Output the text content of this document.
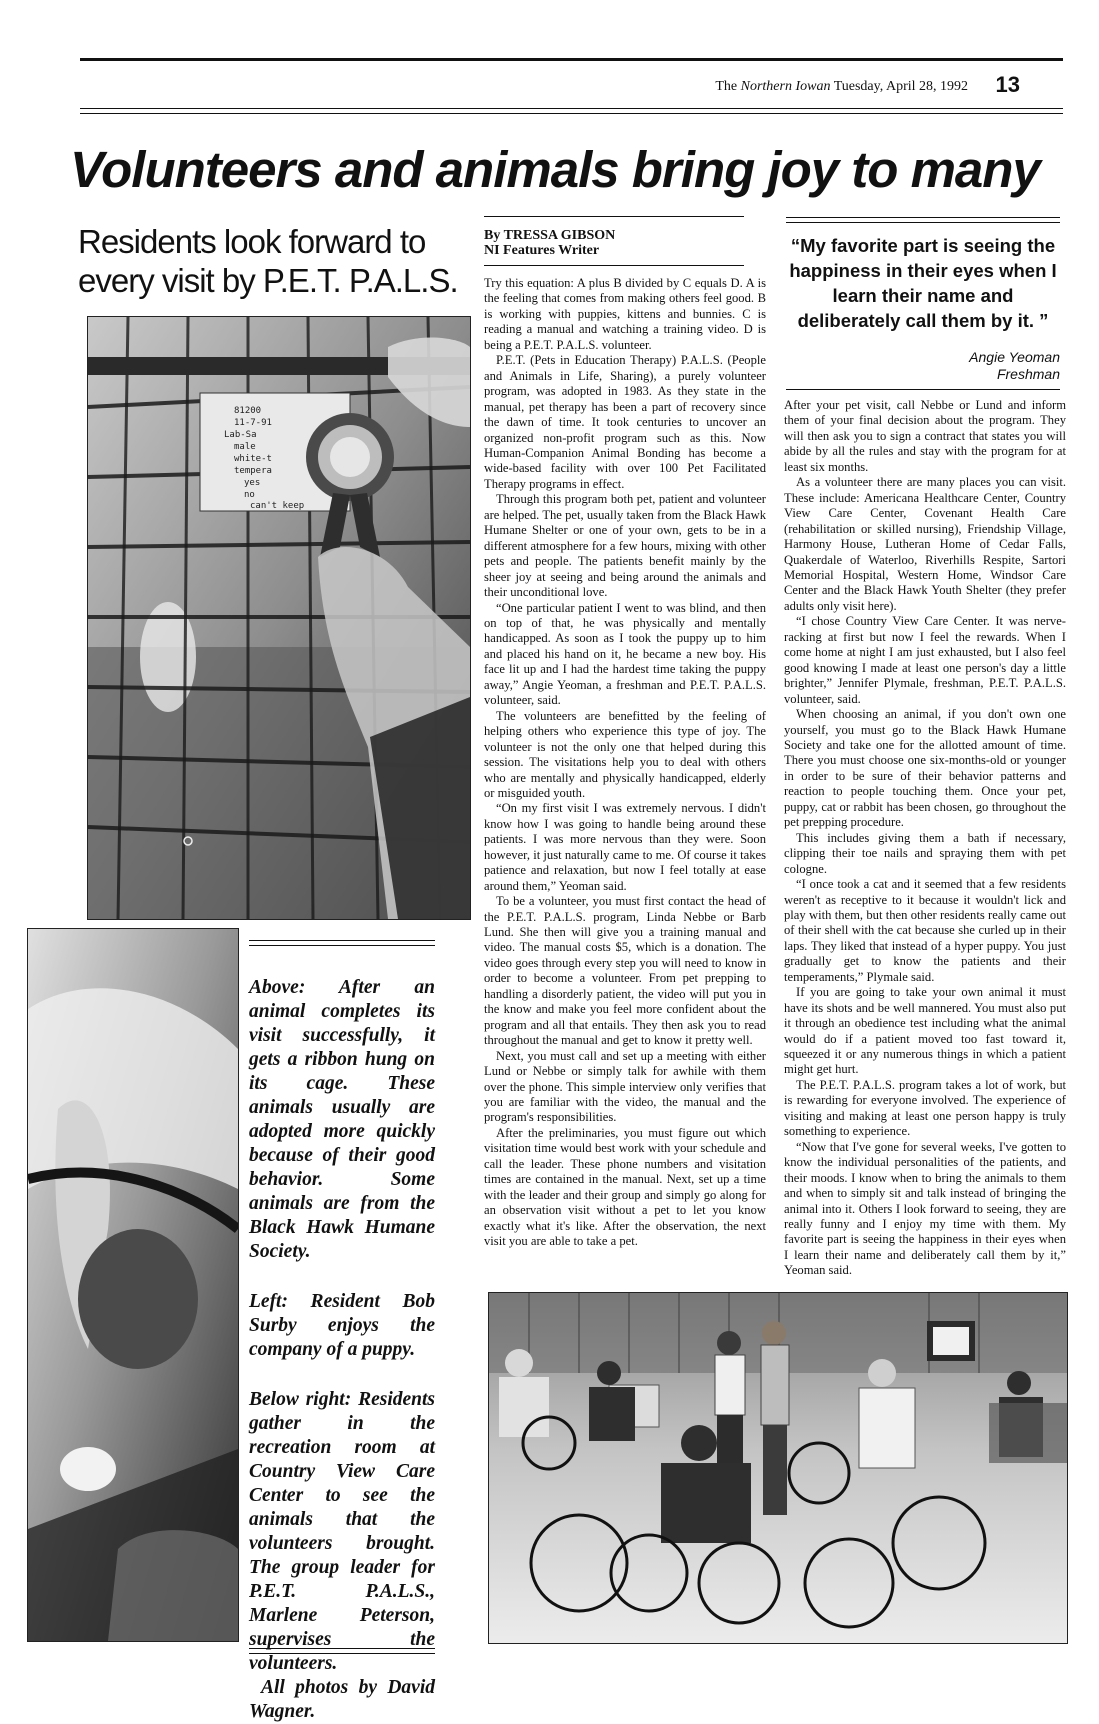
The Northern Iowan Tuesday, April 28, 1992 13
Volunteers and animals bring joy to many
Residents look forward to every visit by P.E.T. P.A.L.S.
81200
11-7-91
Lab-Sa
male
white-t
tempera
yes
no
can't keep

Above: After an animal completes its visit successfully, it gets a ribbon hung on its cage. These animals usually are adopted more quickly because of their good behavior. Some animals are from the Black Hawk Humane Society.

Left: Resident Bob Surby enjoys the company of a puppy.

Below right: Residents gather in the recreation room at Country View Care Center to see the animals that the volunteers brought. The group leader for P.E.T. P.A.L.S., Marlene Peterson, supervises the volunteers.

All photos by David Wagner.

By TRESSA GIBSON
NI Features Writer	“My favorite part is seeing the happiness in their eyes when I learn their name and deliberately call them by it. ”
Angie Yeoman
Freshman

Try this equation: A plus B divided by C equals D. A is the feeling that comes from making others feel good. B is working with puppies, kittens and bunnies. C is reading a manual and watching a training video. D is being a P.E.T. P.A.L.S. volunteer.

P.E.T. (Pets in Education Therapy) P.A.L.S. (People and Animals in Life, Sharing), a purely volunteer program, was adopted in 1983. As they state in the manual, pet therapy has been a part of recovery since the dawn of time. It took centuries to uncover an organized non-profit program such as this. Now Human-Companion Animal Bonding has become a wide-based facility with over 100 Pet Facilitated Therapy programs in effect.

Through this program both pet, patient and volunteer are helped. The pet, usually taken from the Black Hawk Humane Shelter or one of your own, gets to be in a different atmosphere for a few hours, mixing with other pets and people. The patients benefit mainly by the sheer joy at seeing and being around the animals and their unconditional love.

“One particular patient I went to was blind, and then on top of that, he was physically and mentally handicapped. As soon as I took the puppy up to him and placed his hand on it, he became a new boy. His face lit up and I had the hardest time taking the puppy away,” Angie Yeoman, a freshman and P.E.T. P.A.L.S. volunteer, said.

The volunteers are benefitted by the feeling of helping others who experience this type of joy. The volunteer is not the only one that helped during this session. The visitations help you to deal with others who are mentally and physically handicapped, elderly or misguided youth.

“On my first visit I was extremely nervous. I didn't know how I was going to handle being around these patients. I was more nervous than they were. Soon however, it just naturally came to me. Of course it takes patience and relaxation, but now I feel totally at ease around them,” Yeoman said.

To be a volunteer, you must first contact the head of the P.E.T. P.A.L.S. program, Linda Nebbe or Barb Lund. She then will give you a training manual and video. The manual costs $5, which is a donation. The video goes through every step you will need to know in order to become a volunteer. From pet prepping to handling a disorderly patient, the video will put you in the know and make you feel more confident about the program and all that entails. They then ask you to read throughout the manual and get to know it pretty well.

Next, you must call and set up a meeting with either Lund or Nebbe or simply talk for awhile with them over the phone. This simple interview only verifies that you are familiar with the video, the manual and the program's responsibilities.

After the preliminaries, you must figure out which visitation time would best work with your schedule and call the leader. These phone numbers and visitation times are contained in the manual. Next, set up a time with the leader and their group and simply go along for an observation visit without a pet to let you know exactly what it's like. After the observation, the next visit you are able to take a pet.

After your pet visit, call Nebbe or Lund and inform them of your final decision about the program. They will then ask you to sign a contract that states you will abide by all the rules and stay with the program for at least six months.

As a volunteer there are many places you can visit. These include: Americana Healthcare Center, Country View Care Center, Covenant Health Care (rehabilitation or skilled nursing), Friendship Village, Harmony House, Lutheran Home of Cedar Falls, Quakerdale of Waterloo, Riverhills Respite, Sartori Memorial Hospital, Western Home, Windsor Care Center and the Black Hawk Youth Shelter (they prefer adults only visit here).

“I chose Country View Care Center. It was nerve-racking at first but now I feel the rewards. When I come home at night I am just exhausted, but I also feel good knowing I made at least one person's day a little brighter,” Jennifer Plymale, freshman, P.E.T. P.A.L.S. volunteer, said.

When choosing an animal, if you don't own one yourself, you must go to the Black Hawk Humane Society and take one for the allotted amount of time. There you must choose one six-months-old or younger in order to be sure of their behavior patterns and reaction to people touching them. Once your pet, puppy, cat or rabbit has been chosen, go throughout the pet prepping procedure.

This includes giving them a bath if necessary, clipping their toe nails and spraying them with pet cologne.

“I once took a cat and it seemed that a few residents weren't as receptive to it because it wouldn't lick and play with them, but then other residents really came out of their shell with the cat because she curled up in their laps. They liked that instead of a hyper puppy. You just gradually get to know the patients and their temperaments,” Plymale said.

If you are going to take your own animal it must have its shots and be well mannered. You must also put it through an obedience test including what the animal would do if a patient moved too fast toward it, squeezed it or any numerous things in which a patient might get hurt.

The P.E.T. P.A.L.S. program takes a lot of work, but is rewarding for everyone involved. The experience of visiting and making at least one person happy is truly something to experience.

“Now that I've gone for several weeks, I've gotten to know the individual personalities of the patients, and their moods. I know when to bring the animals to them and when to simply sit and talk instead of bringing the animal into it. Others I look forward to seeing, they are really funny and I enjoy my time with them. My favorite part is seeing the happiness in their eyes when I learn their name and deliberately call them by it,” Yeoman said.
